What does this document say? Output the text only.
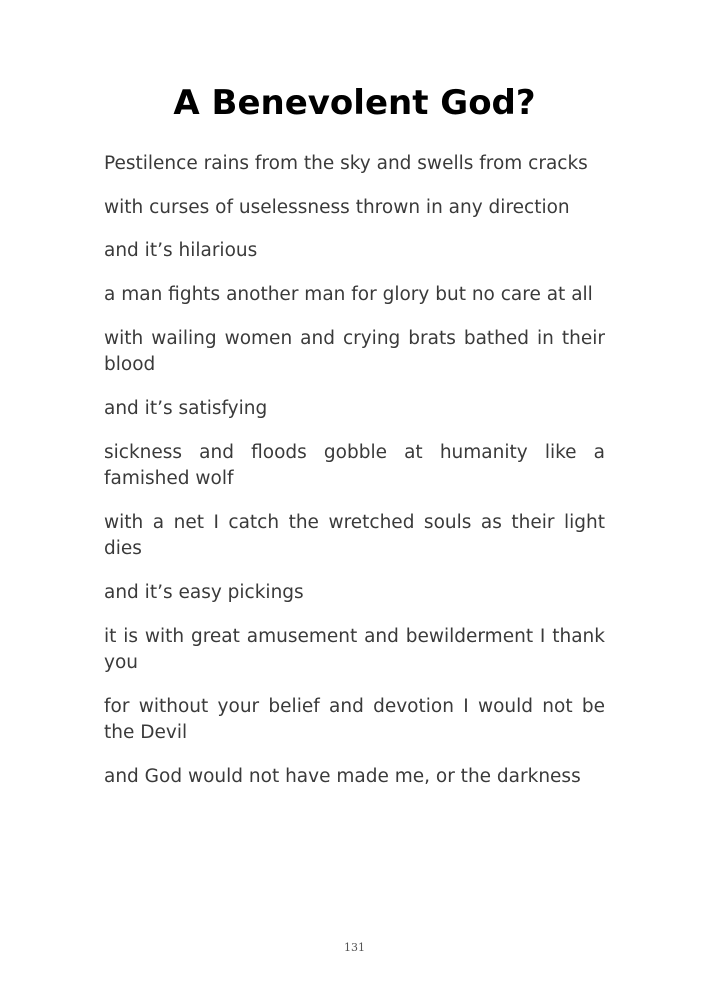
A Benevolent God?

Pestilence rains from the sky and swells from cracks

with curses of uselessness thrown in any direction

and it’s hilarious

a man fights another man for glory but no care at all

with wailing women and crying brats bathed in their blood

and it’s satisfying

sickness and floods gobble at humanity like a famished wolf

with a net I catch the wretched souls as their light dies

and it’s easy pickings

it is with great amusement and bewilderment I thank you

for without your belief and devotion I would not be the Devil

and God would not have made me, or the darkness

131
